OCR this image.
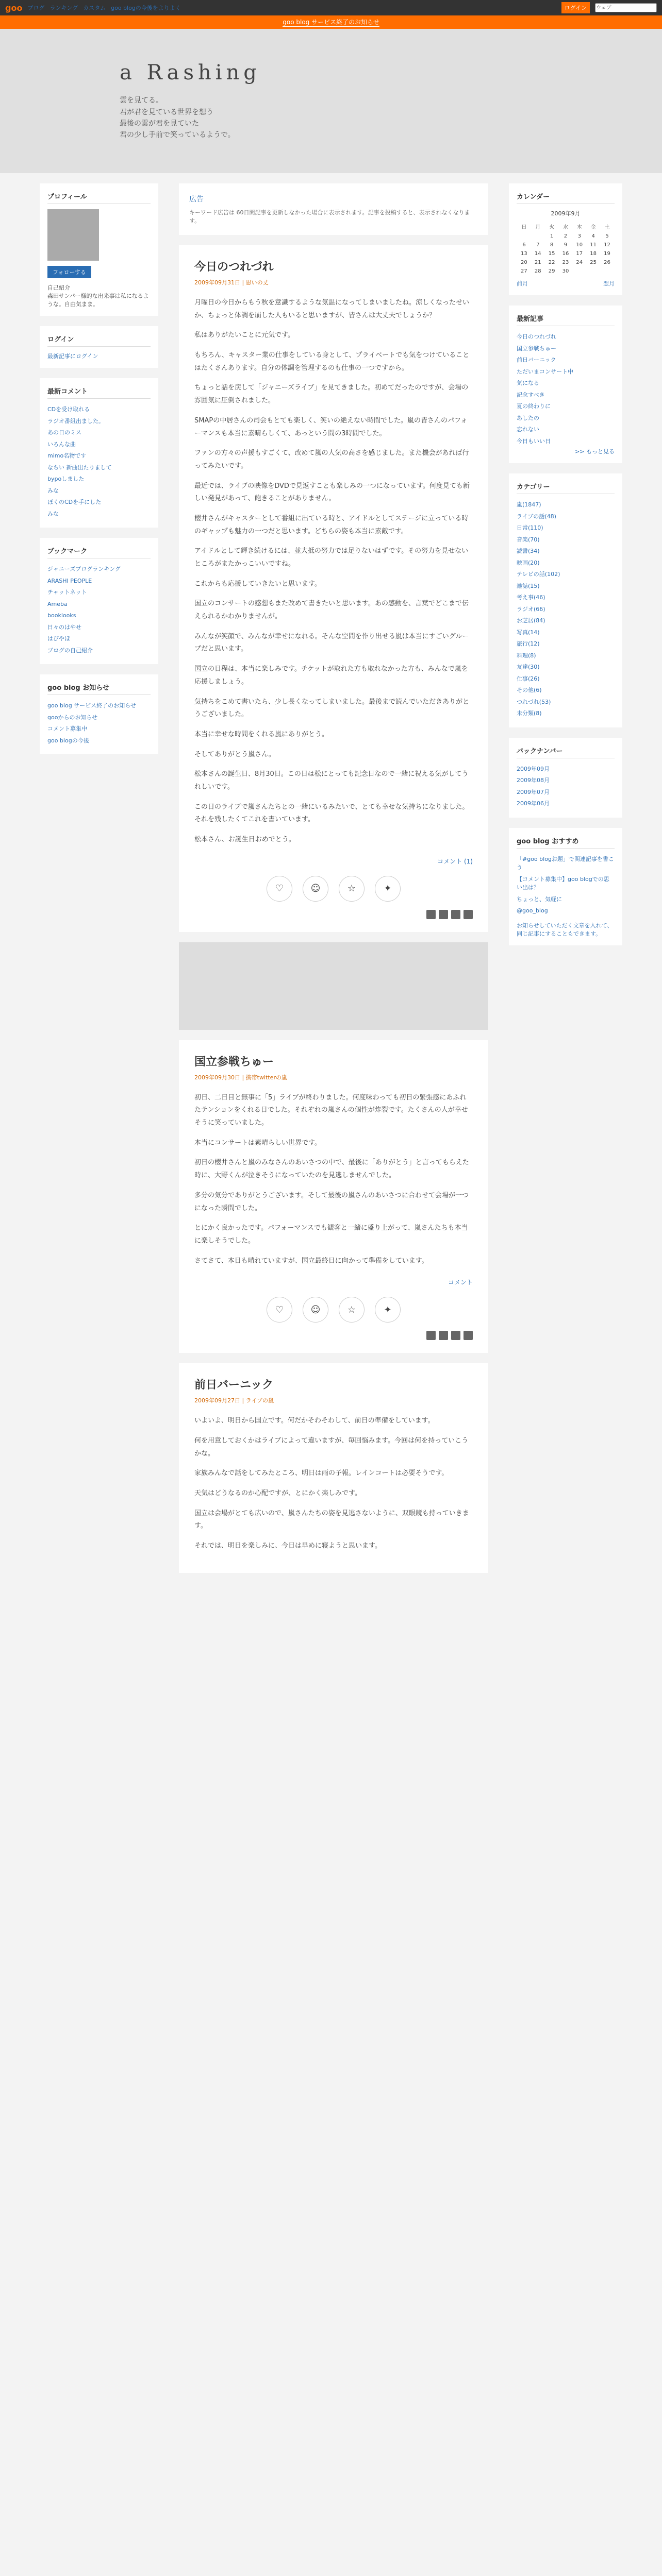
goo ブログ ランキング カスタム goo blogの今後をよりよく	ログイン
ウェブ
goo blog サービス終了のお知らせ
a Rashing
雲を見てる。
君が君を見ている世界を想う
最後の雲が君を見ていた
君の少し手前で笑っているようで。
プロフィール
フォローする
自己紹介
森田サンパー様的な出来事は私になるような。自由気まま。
ログイン
最新記事にログイン
最新コメント
CDを受け取れる
ラジオ番組出ました。
あの日のミス
いろんな曲
mimo名物です
なちい 新曲出たりまして
bypoしました
みな
ぼくのCDを手にした
みな
ブックマーク
ジャニーズブログランキング
ARASHI PEOPLE
チャットネット
Ameba
booklooks
日々のはやせ
はぴやほ
ブログの自己紹介
goo blog お知らせ
goo blog サービス終了のお知らせ
gooからのお知らせ
コメント募集中
goo blogの今後
広告
キーワード広告は 60日間記事を更新しなかった場合に表示されます。記事を投稿すると、表示されなくなります。
今日のつれづれ
2009年09月31日 | 思いの丈

月曜日の今日からもう秋を意識するような気温になってしまいましたね。涼しくなったせいか、ちょっと体調を崩した人もいると思いますが、皆さんは大丈夫でしょうか？

私はありがたいことに元気です。

もちろん、キャスター業の仕事をしている身として、プライベートでも気をつけていることはたくさんあります。自分の体調を管理するのも仕事の一つですから。

ちょっと話を戻して「ジャニーズライブ」を見てきました。初めてだったのですが、会場の雰囲気に圧倒されました。

SMAPの中居さんの司会もとても楽しく、笑いの絶えない時間でした。嵐の皆さんのパフォーマンスも本当に素晴らしくて、あっという間の3時間でした。

ファンの方々の声援もすごくて、改めて嵐の人気の高さを感じました。また機会があれば行ってみたいです。

最近では、ライブの映像をDVDで見返すことも楽しみの一つになっています。何度見ても新しい発見があって、飽きることがありません。

櫻井さんがキャスターとして番組に出ている時と、アイドルとしてステージに立っている時のギャップも魅力の一つだと思います。どちらの姿も本当に素敵です。

アイドルとして輝き続けるには、並大抵の努力では足りないはずです。その努力を見せないところがまたかっこいいですね。

これからも応援していきたいと思います。

国立のコンサートの感想もまた改めて書きたいと思います。あの感動を、言葉でどこまで伝えられるかわかりませんが。

みんなが笑顔で、みんなが幸せになれる。そんな空間を作り出せる嵐は本当にすごいグループだと思います。

国立の日程は、本当に楽しみです。チケットが取れた方も取れなかった方も、みんなで嵐を応援しましょう。

気持ちをこめて書いたら、少し長くなってしまいました。最後まで読んでいただきありがとうございました。

本当に幸せな時間をくれる嵐にありがとう。

そしてありがとう嵐さん。

松本さんの誕生日、8月30日。この日は松にとっても記念日なので一緒に祝える気がしてうれしいです。

この日のライブで嵐さんたちとの一緒にいるみたいで、とても幸せな気持ちになりました。それを残したくてこれを書いています。

松本さん、お誕生日おめでとう。

コメント (1)
♡	☺	☆	✦
国立参戦ちゅー
2009年09月30日 | 携帯twitterの嵐

初日、二日目と無事に「5」ライブが終わりました。何度味わっても初日の緊張感にあふれたテンションをくれる日でした。それぞれの嵐さんの個性が炸裂です。たくさんの人が幸せそうに笑っていました。

本当にコンサートは素晴らしい世界です。

初日の櫻井さんと嵐のみなさんのあいさつの中で、最後に「ありがとう」と言ってもらえた時に、大野くんが泣きそうになっていたのを見逃しませんでした。

多分の気分でありがとうございます。そして最後の嵐さんのあいさつに合わせて会場が一つになった瞬間でした。

とにかく良かったです。パフォーマンスでも観客と一緒に盛り上がって、嵐さんたちも本当に楽しそうでした。

さてさて、本日も晴れていますが、国立最終日に向かって準備をしています。

コメント
♡	☺	☆	✦
前日バーニック
2009年09月27日 | ライブの嵐

いよいよ、明日から国立です。何だかそわそわして、前日の準備をしています。

何を用意しておくかはライブによって違いますが、毎回悩みます。今回は何を持っていこうかな。

家族みんなで話をしてみたところ、明日は雨の予報。レインコートは必要そうです。

天気はどうなるのか心配ですが、とにかく楽しみです。

国立は会場がとても広いので、嵐さんたちの姿を見逃さないように、双眼鏡も持っていきます。

それでは、明日を楽しみに、今日は早めに寝ようと思います。

カレンダー
2009年9月
日	月	火	水	木	金	土
		1	2	3	4	5
6	7	8	9	10	11	12
13	14	15	16	17	18	19
20	21	22	23	24	25	26
27	28	29	30			
前月	翌月
最新記事
今日のつれづれ
国立参戦ちゅー
前日バーニック
ただいまコンサート中
気になる
記念すべき
夏の終わりに
あしたの
忘れない
今日もいい日
>> もっと見る
カテゴリー
嵐(1847)
ライブの話(48)
日常(110)
音楽(70)
読書(34)
映画(20)
テレビの話(102)
雑誌(15)
考え事(46)
ラジオ(66)
お芝居(84)
写真(14)
旅行(12)
料理(8)
友達(30)
仕事(26)
その他(6)
つれづれ(53)
未分類(8)
バックナンバー
2009年09月
2009年08月
2009年07月
2009年06月
goo blog おすすめ
「#goo blogお題」で関連記事を書こう
【コメント募集中】goo blogでの思い出は？
ちょっと、気軽に
@goo_blog
お知らせしていただく文章を入れて、同じ記事にすることもできます。
